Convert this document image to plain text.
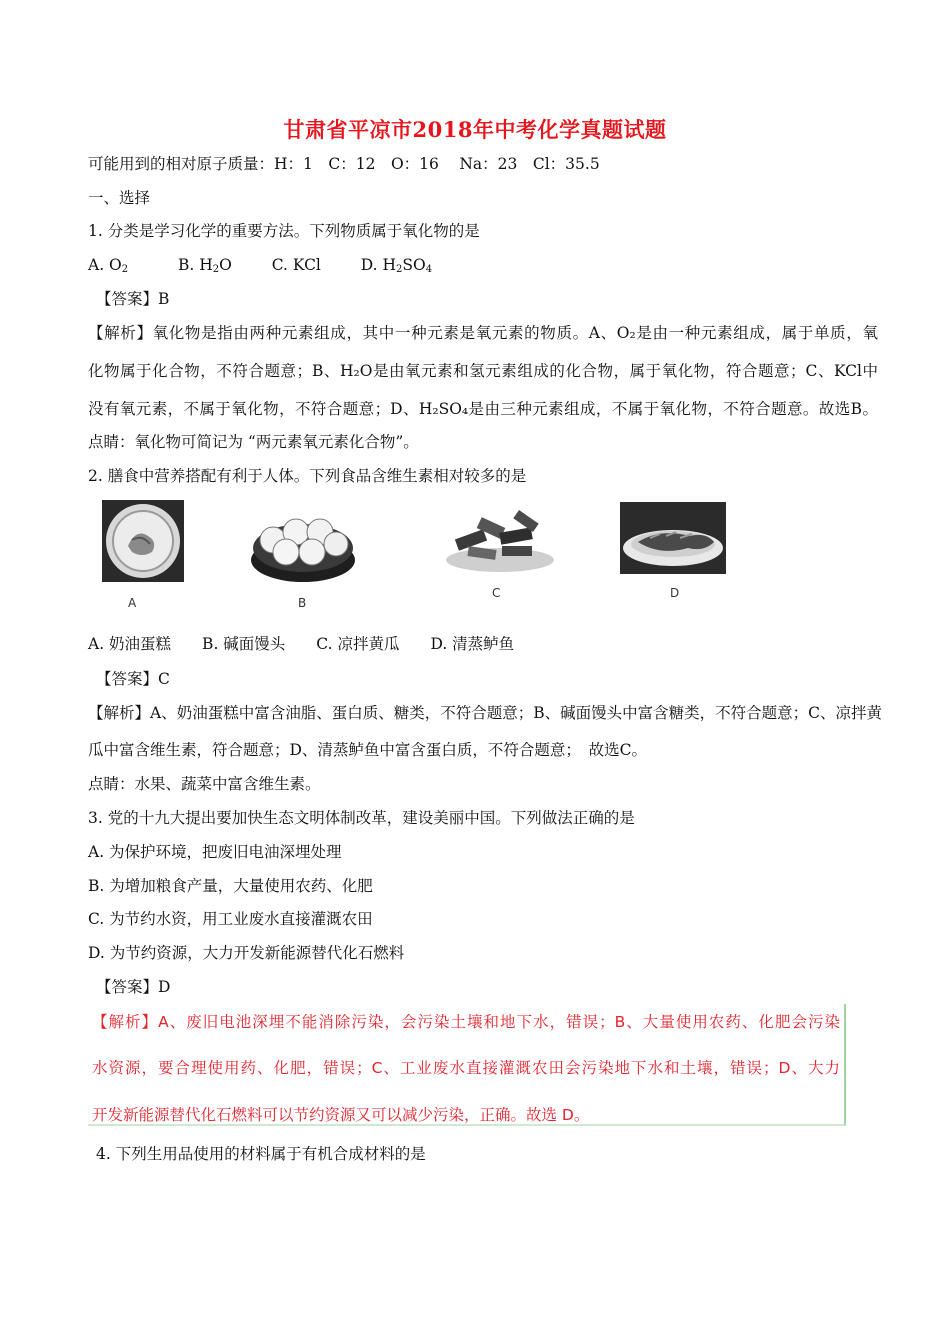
甘肃省平凉市2018年中考化学真题试题
可能用到的相对原子质量：H：1　C：12　O：16　 Na：23　Cl：35.5
一、选择
1. 分类是学习化学的重要方法。下列物质属于氧化物的是
A. $O_2$	B. $H_2O$	C. KCl	D. $H_2SO_4$
【答案】B
【解析】氧化物是指由两种元素组成，其中一种元素是氧元素的物质。A、O₂是由一种元素组成，属于单质，氧
化物属于化合物，不符合题意；B、H₂O是由氧元素和氢元素组成的化合物，属于氧化物，符合题意；C、KCl中
没有氧元素，不属于氧化物，不符合题意；D、H₂SO₄是由三种元素组成，不属于氧化物，不符合题意。故选B。
点睛：氧化物可简记为 “两元素氧元素化合物”。
2. 膳食中营养搭配有利于人体。下列食品含维生素相对较多的是
A	B
C	D
A. 奶油蛋糕　　B. 碱面馒头　　C. 凉拌黄瓜　　D. 清蒸鲈鱼
【答案】C
【解析】A、奶油蛋糕中富含油脂、蛋白质、糖类，不符合题意；B、碱面馒头中富含糖类，不符合题意；C、凉拌黄
瓜中富含维生素，符合题意；D、清蒸鲈鱼中富含蛋白质，不符合题意；　故选C。
点睛：水果、蔬菜中富含维生素。
3. 党的十九大提出要加快生态文明体制改革，建设美丽中国。下列做法正确的是
A. 为保护环境，把废旧电油深埋处理
B. 为增加粮食产量，大量使用农药、化肥
C. 为节约水资，用工业废水直接灌溉农田
D. 为节约资源，大力开发新能源替代化石燃料
【答案】D
【解析】A、废旧电池深埋不能消除污染，会污染土壤和地下水，错误；B、大量使用农药、化肥会污染
水资源，要合理使用药、化肥，错误；C、工业废水直接灌溉农田会污染地下水和土壤，错误；D、大力
开发新能源替代化石燃料可以节约资源又可以减少污染，正确。故选 D。
4. 下列生用品使用的材料属于有机合成材料的是
